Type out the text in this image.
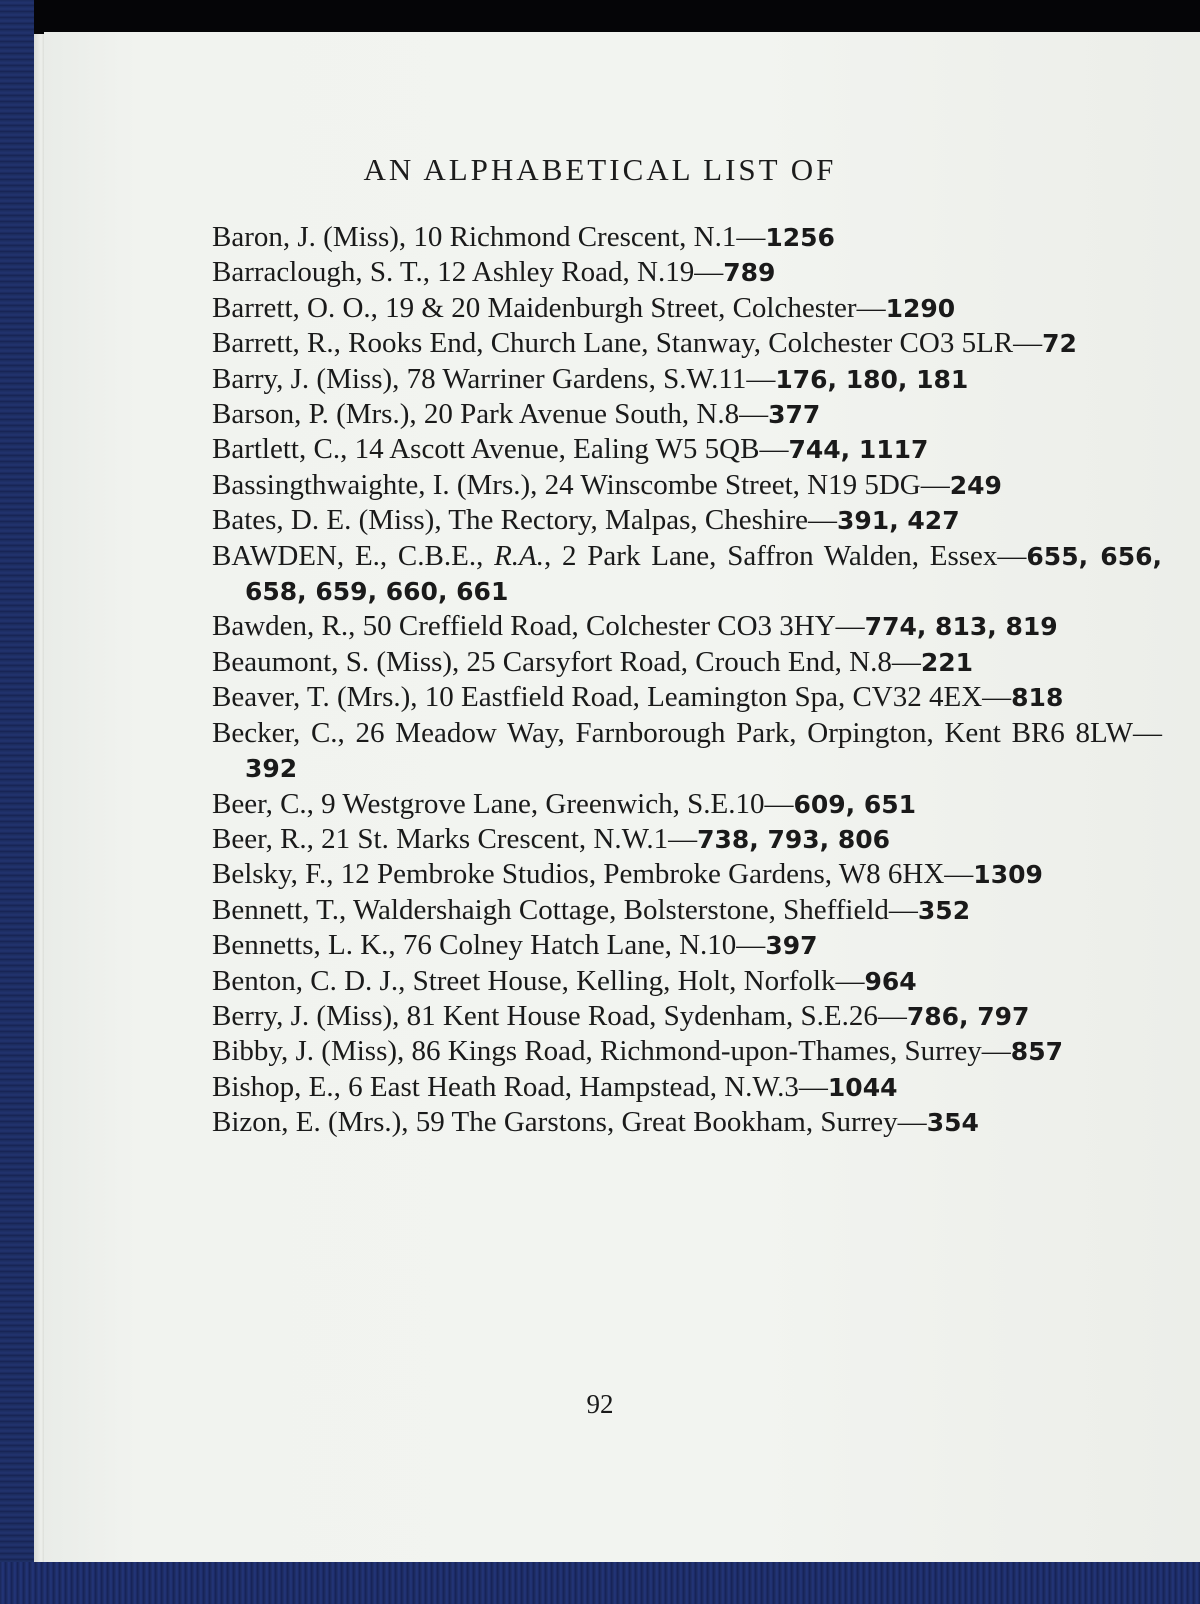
AN ALPHABETICAL LIST OF
Baron, J. (Miss), 10 Richmond Crescent, N.1—1256
Barraclough, S. T., 12 Ashley Road, N.19—789
Barrett, O. O., 19 & 20 Maidenburgh Street, Colchester—1290
Barrett, R., Rooks End, Church Lane, Stanway, Colchester CO3 5LR—72
Barry, J. (Miss), 78 Warriner Gardens, S.W.11—176, 180, 181
Barson, P. (Mrs.), 20 Park Avenue South, N.8—377
Bartlett, C., 14 Ascott Avenue, Ealing W5 5QB—744, 1117
Bassingthwaighte, I. (Mrs.), 24 Winscombe Street, N19 5DG—249
Bates, D. E. (Miss), The Rectory, Malpas, Cheshire—391, 427
BAWDEN, E., C.B.E., R.A., 2 Park Lane, Saffron Walden, Essex—655, 656, 658, 659, 660, 661
Bawden, R., 50 Creffield Road, Colchester CO3 3HY—774, 813, 819
Beaumont, S. (Miss), 25 Carsyfort Road, Crouch End, N.8—221
Beaver, T. (Mrs.), 10 Eastfield Road, Leamington Spa, CV32 4EX—818
Becker, C., 26 Meadow Way, Farnborough Park, Orpington, Kent BR6 8LW—392
Beer, C., 9 Westgrove Lane, Greenwich, S.E.10—609, 651
Beer, R., 21 St. Marks Crescent, N.W.1—738, 793, 806
Belsky, F., 12 Pembroke Studios, Pembroke Gardens, W8 6HX—1309
Bennett, T., Waldershaigh Cottage, Bolsterstone, Sheffield—352
Bennetts, L. K., 76 Colney Hatch Lane, N.10—397
Benton, C. D. J., Street House, Kelling, Holt, Norfolk—964
Berry, J. (Miss), 81 Kent House Road, Sydenham, S.E.26—786, 797
Bibby, J. (Miss), 86 Kings Road, Richmond-upon-Thames, Surrey—857
Bishop, E., 6 East Heath Road, Hampstead, N.W.3—1044
Bizon, E. (Mrs.), 59 The Garstons, Great Bookham, Surrey—354
92
